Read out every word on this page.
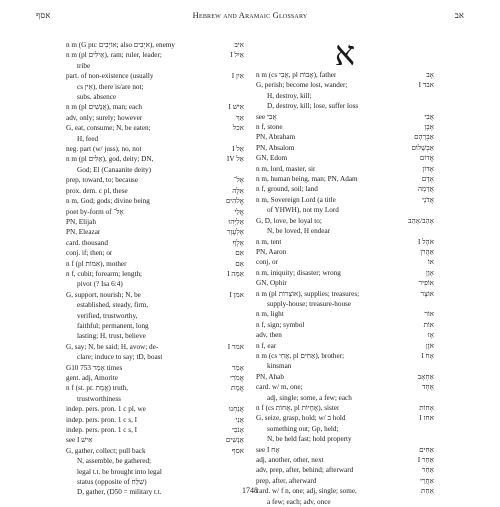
אסף	Hebrew and Aramaic Glossary	אב
n m (G ptc אוֹיְבִים; also אֹיְבִים), enemy	איב
n m (pl אֵילִים), ram; ruler, leader;	אַיִל I
tribe
part. of non-existence (usually	אַיִן I
cs אֵין), there is/are not;
subs. absence
n m (pl אֲנָשִׁים), man; each	אִישׁ I
adv, only; surely; however	אַךְ
G, eat, consume; N, be eaten;	אכל
H, feed
neg. part (w/ juss), no, not	אַל I
n m (pl אֵלִים), god, deity; DN,	אֵל IV
God; El (Canaanite deity)
prep, toward, to; because	אֶל־
prox. dem. c pl, these	אֵלֶּה
n m, God; gods; divine being	אֱלֹהִים
poet by-form of אֶל־	אֱלֵי
PN, Elijah	אֵלִיָּהוּ
PN, Eleazar	אֶלְעָזָר
card. thousand	אֶלֶף
conj. if; then; or	אִם
n f (pl אִמּוֹת), mother	אֵם
n f, cubit; forearm; length;	אַמָּה I
pivot (? Isa 6:4)
G, support, nourish; N, be	אמן I
established, steady, firm,
verified, trustworthy,
faithful; permanent, long
lasting; H, trust, believe
G, say; N, be said; H, avow; de-	אמר I
clare; induce to say; tD, boast
G10 אָמַר 753 times	אָמַר
gent. adj, Amorite	אֱמֹרִי
n f (st. pr. אֱמֶת) truth,	אֱמֶת
trustworthiness
indep. pers. pron. 1 c pl, we	אֲנַחְנוּ
indep. pers. pron. 1 c s, I	אֲנִי
indep. pers. pron. 1 c s, I	אָנֹכִי
see I אִישׁ	אֲנָשִׁים
G, gather, collect; pull back	אסף
N, assemble, be gathered;
legal t.t. be brought into legal
status (opposite of שִׁלַּח)
D, gather, (D50 = military t.t.
א
n m (cs אֲבִי, pl אָבוֹת), father	אָב
G, perish; become lost, wander;	אבד I
H, destroy, kill;
D, destroy, kill; lose, suffer loss
see אֲבִי	אֲבִי
n f, stone	אֶבֶן
PN, Abraham	אַבְרָהָם
PN, Absalom	אַבְשָׁלוֹם
GN, Edom	אֱדוֹם
n m, lord, master, sir	אָדוֹן
n m, human being, man; PN, Adam	אָדָם
n f, ground, soil; land	אֲדָמָה
n m, Sovereign Lord (a title	אֲדֹנָי
of YHWH), not my Lord
G, D, love, be loyal to;	אָהַב/אָהֵב
N, be loved, H endear
n m, tent	אֹהֶל I
PN, Aaron	אַהֲרֹן
conj, or	אוֹ
n m, iniquity; disaster; wrong	אָוֶן
GN, Ophir	אוֹפִיר
n m (pl אוֹצָרוֹת), supplies; treasures;	אוֹצָר
supply-house; treasure-house
n m, light	אוֹר
n f, sign; symbol	אוֹת
adv, then	אָז
n f, ear	אֹזֶן
n m (cs אֲחִי, pl אַחִים), brother;	אָח I
kinsman
PN, Ahab	אַחְאָב
card. w/ m, one;	אֶחָד
adj, single; some, a few; each
n f (cs אֲחוֹת, pl אֲחָיוֹת), sister	אָחוֹת
G, seize, grasp, hold; w/ ב hold	אחז I
something out; Gp, held;
N, be held fast; hold property
see I אָח	אַחִים
adj, another, other, next	אַחֵר I
adv, prep, after, behind; afterward	אַחַר
prep, after, afterward	אַחֲרֵי
card. w/ f n, one; adj, single; some,	אַחַת
a few; each; adv, once
1748
